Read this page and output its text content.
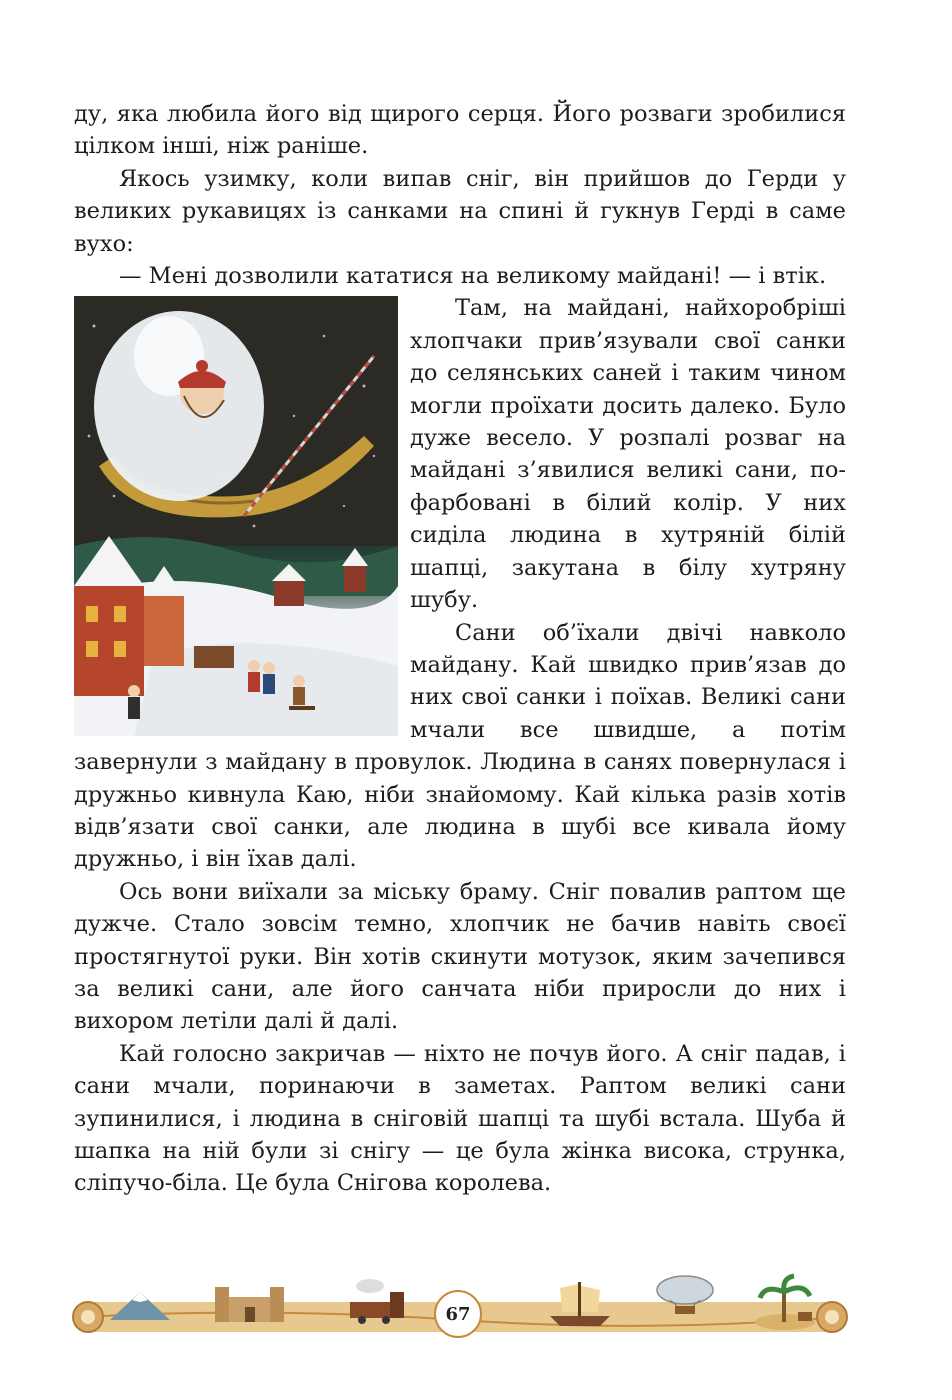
ду, яка любила його від щирого серця. Його розваги зробилися цілком інші, ніж раніше.

Якось узимку, коли випав сніг, він прийшов до Герди у великих рукавицях із санками на спині й гукнув Герді в саме вухо:

— Мені дозволили кататися на великому майдані! — і втік.

Там, на майдані, найхоробріші хлопчаки прив’язували свої санки до селянських саней і таким чином могли проїхати досить далеко. Було дуже весело. У розпалі розваг на майдані з’явилися великі сани, пофарбовані в білий колір. У них сиділа людина в хутряній білій шапці, закутана в білу хутряну шубу.

Сани об’їхали двічі навколо майдану. Кай швидко прив’язав до них свої санки і поїхав. Великі сани мчали все швидше, а потім завернули з майдану в провулок. Людина в санях повернулася і дружньо кивнула Каю, ніби знайомому. Кай кілька разів хотів відв’язати свої санки, але людина в шубі все кивала йому дружньо, і він їхав далі.

Ось вони виїхали за міську браму. Сніг повалив раптом ще дужче. Стало зовсім темно, хлопчик не бачив навіть своєї простягнутої руки. Він хотів скинути мотузок, яким зачепився за великі сани, але його санчата ніби приросли до них і вихором летіли далі й далі.

Кай голосно закричав — ніхто не почув його. А сніг падав, і сани мчали, поринаючи в заметах. Раптом великі сани зупинилися, і людина в сніговій шапці та шубі встала. Шуба й шапка на ній були зі снігу — це була жінка висока, струнка, сліпучо-біла. Це була Снігова королева.

67
